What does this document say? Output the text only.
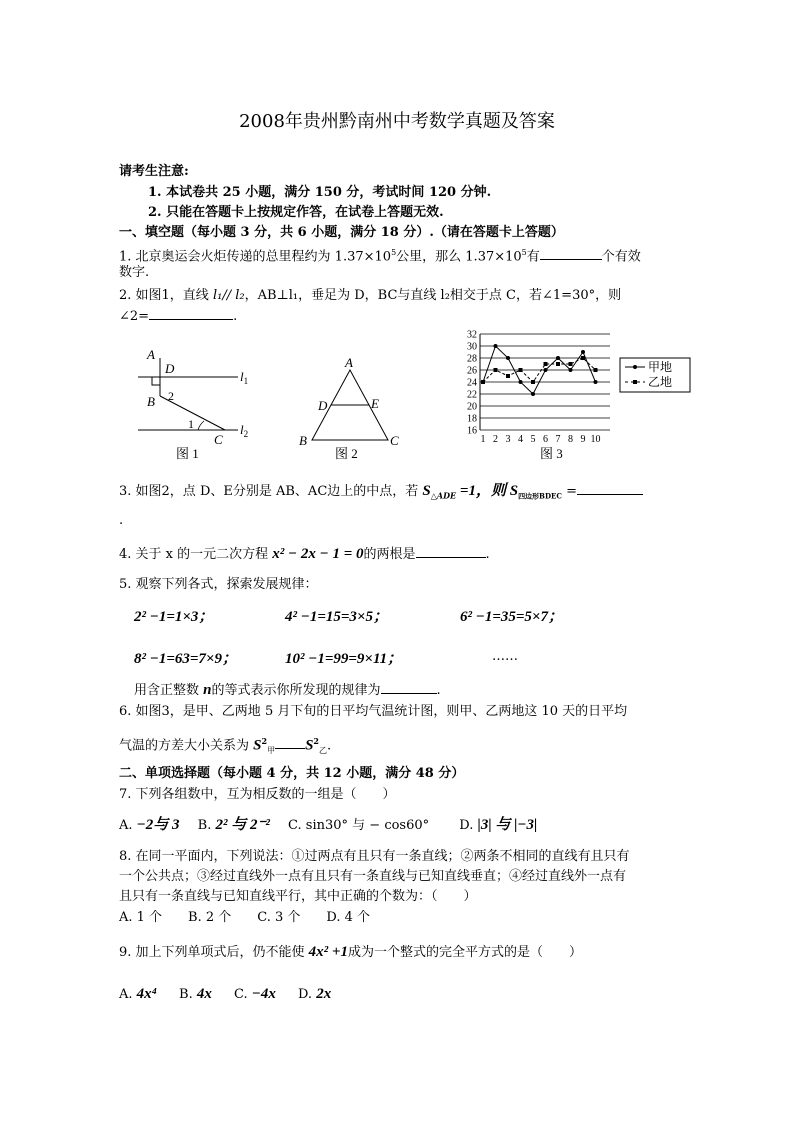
2008年贵州黔南州中考数学真题及答案
请考生注意:
1. 本试卷共 25 小题，满分 150 分，考试时间 120 分钟.
2. 只能在答题卡上按规定作答，在试卷上答题无效.
一、填空题（每小题 3 分，共 6 小题，满分 18 分）.（请在答题卡上答题）
1. 北京奥运会火炬传递的总里程约为 $1.37\times 10^5$公里，那么 $1.37\times 10^5$有	个有效
数字.
2. 如图1，直线 l₁// l₂，AB⊥l₁，垂足为 D，BC与直线 l₂相交于点 C，若∠1=30°，则
∠2=	.
A
D
B 2
1
C
$l_1$
$l_2$
图 1
A
D	E
B	C
图 2
16
18
20
22
24
26
28
30
32
1 2 3 4 5 6 7 8 9 10
甲地
乙地
图 3
3. 如图2，点 D、E分别是 AB、AC边上的中点，若 $S_{\triangle ADE} =1$，则 $S_{四边形BDEC}$ =
.
4. 关于 x 的一元二次方程 x² − 2x − 1 = 0的两根是	.
5. 观察下列各式，探索发展规律：
2² −1=1×3；	4² −1=15=3×5；	6² −1=35=5×7；
8² −1=63=7×9；	10² −1=99=9×11；	……
用含正整数 n的等式表示你所发现的规律为	.
6. 如图3，是甲、乙两地 5 月下旬的日平均气温统计图，则甲、乙两地这 10 天的日平均
气温的方差大小关系为 $S^2_甲$ $S^2_乙$.
二、单项选择题（每小题 4 分，共 12 小题，满分 48 分）
7. 下列各组数中，互为相反数的一组是（　　）
A. −2与 3 B. 2² 与 2⁻² C. sin30° 与 − cos60° D. |3| 与 |−3|
8. 在同一平面内，下列说法：①过两点有且只有一条直线；②两条不相同的直线有且只有
一个公共点；③经过直线外一点有且只有一条直线与已知直线垂直；④经过直线外一点有
且只有一条直线与已知直线平行，其中正确的个数为：（　　）
A. 1 个　　B. 2 个　　C. 3 个　　D. 4 个
9. 加上下列单项式后，仍不能使 4x² +1成为一个整式的完全平方式的是（　　）
A. 4x⁴ B. 4x C. −4x D. 2x
